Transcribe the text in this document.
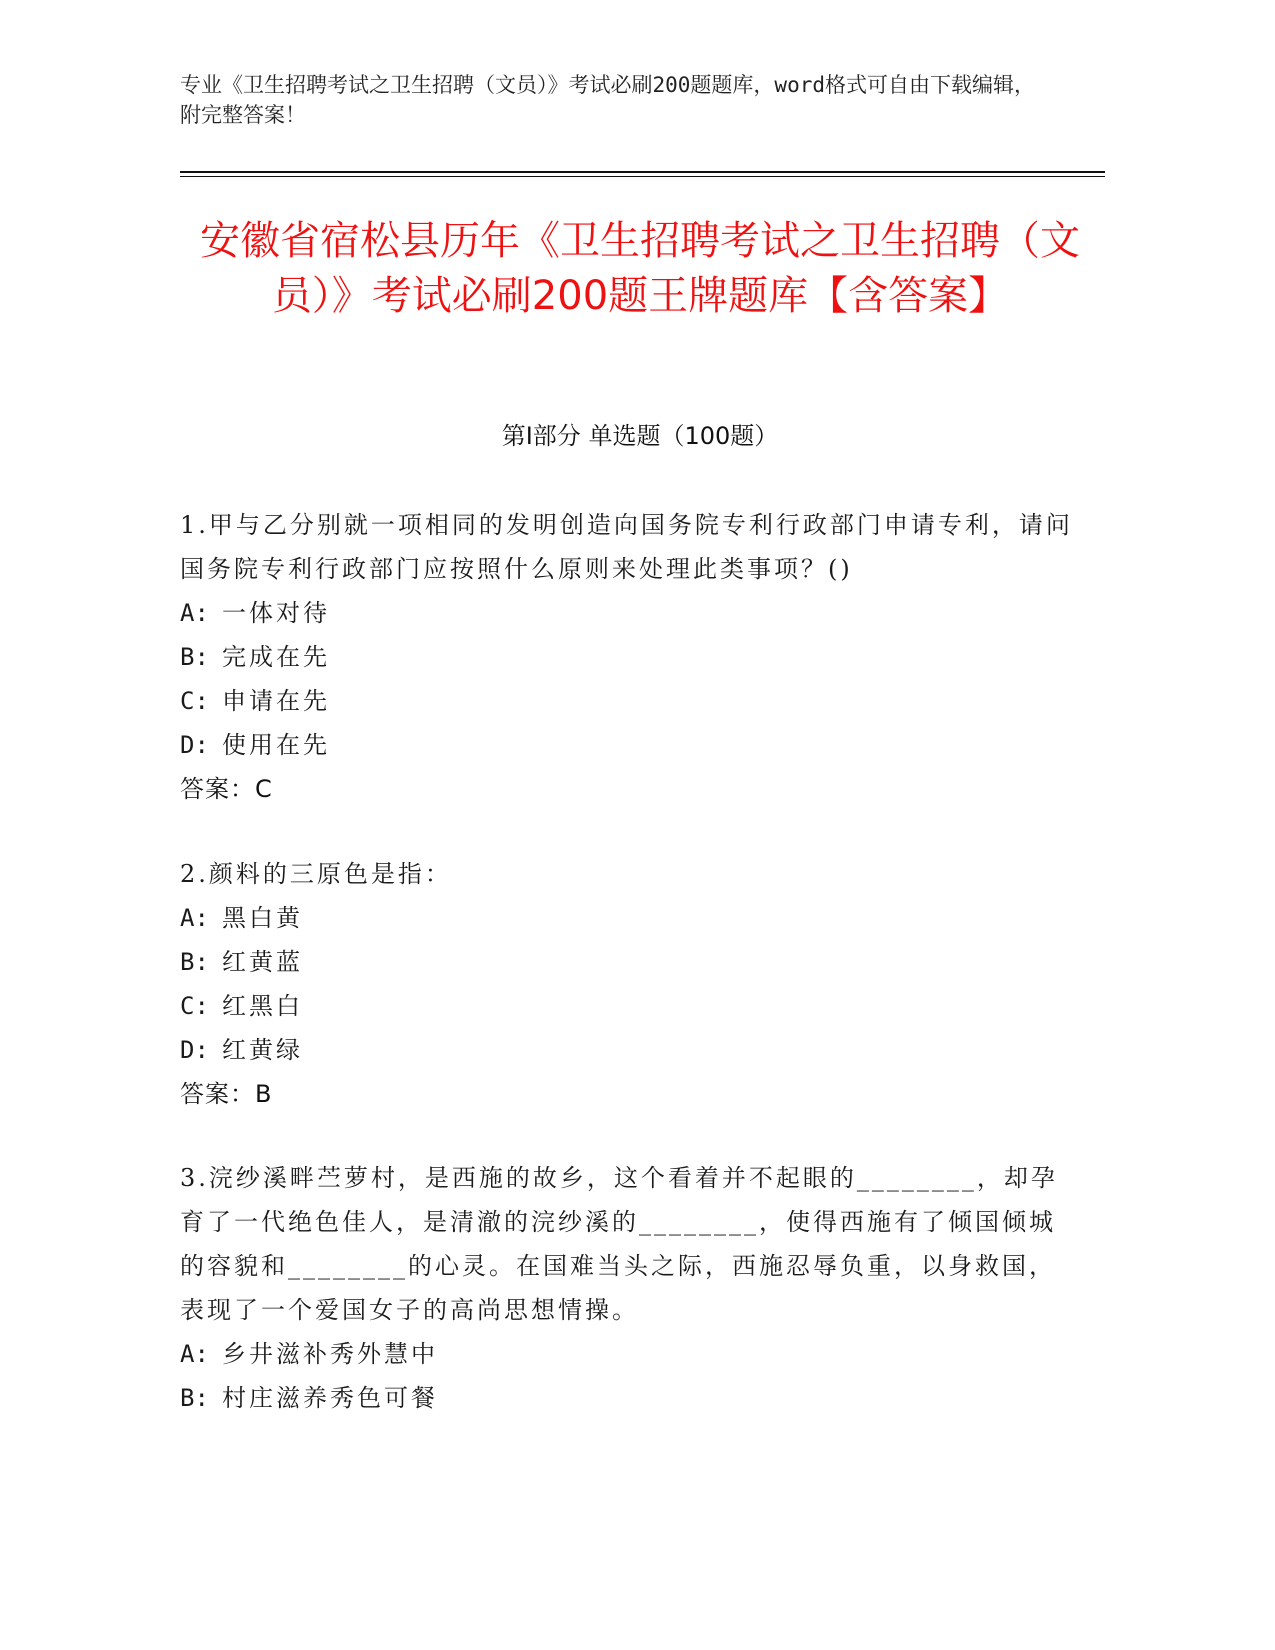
专业《卫生招聘考试之卫生招聘（文员）》考试必刷200题题库，word格式可自由下载编辑，附完整答案！
安徽省宿松县历年《卫生招聘考试之卫生招聘（文员）》考试必刷200题王牌题库【含答案】
第I部分 单选题（100题）
1.甲与乙分别就一项相同的发明创造向国务院专利行政部门申请专利，请问国务院专利行政部门应按照什么原则来处理此类事项？()
A: 一体对待
B: 完成在先
C: 申请在先
D: 使用在先
答案：C
2.颜料的三原色是指：
A: 黑白黄
B: 红黄蓝
C: 红黑白
D: 红黄绿
答案：B
3.浣纱溪畔苎萝村，是西施的故乡，这个看着并不起眼的________，却孕育了一代绝色佳人，是清澈的浣纱溪的________，使得西施有了倾国倾城的容貌和________的心灵。在国难当头之际，西施忍辱负重，以身救国，表现了一个爱国女子的高尚思想情操。
A: 乡井滋补秀外慧中
B: 村庄滋养秀色可餐
